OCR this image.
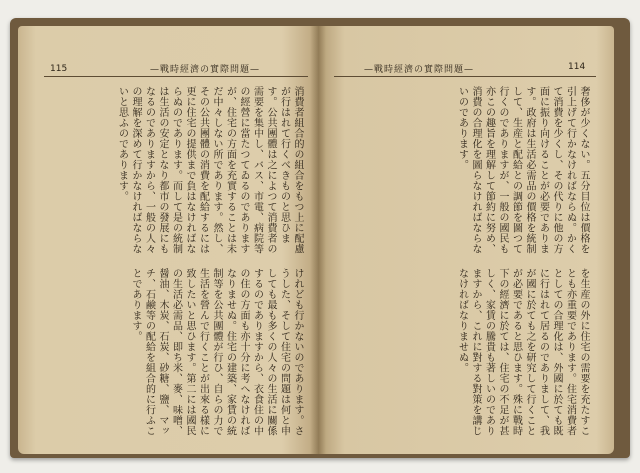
115	—戰時經濟の實際問題—
消費者組合的の組合をもつ上に配慮が行はれて行くべきものと思ひます。公共團體は之によつて消費者の需要を集中し、バス、市電、病院等の經營に當たつてゐるのでありますが、住宅の方面を充實することは未だ中々しない所であります。然し、その公共團體の消費を配給するには更に住宅の提供まで負はなければならぬのであります。而して是の統制は生活の安定となり都市の發展にもなるのでありますから、一般の人々の理解を深めて行かなければならないと思ふのであります。
けれども行かないのであります。さうした、そして住宅の問題は何と申しても最も多くの人々の生活に關係するのでありますから、衣食住の中の住の方面も亦十分に考へなければなりませぬ。住宅の建築、家賃の統制等を公共團體が行ひ、自らの力で生活を營んで行くことが出來る樣に致したいと思ひます。第二には國民の生活必需品、即ち米、麥、味噌、醤油、木炭、石炭、砂糖、鹽、マッチ、石鹸等の配給を組合的に行ふことであります。
114
—戰時經濟の實際問題—
奢侈が少くない。五分目位は價格を引上げて行かなければならぬ。かくて消費を少くし、その代りに他の方面に振り向けることが必要であります。政府は生活必需品の價格を統制して、生産と配給との調節を圖つて行くのでありますが、一般の國民も亦この趣旨を理解して節約に努め、消費の合理化を圖らなければならないのであります。
を生産の外に住宅の需要を充たすことも亦重要であります。住宅消費者としての合理化は、外國に於ても既に行はれて居るのでありまして、我が國に於ても之を研究して行くことが必要であると思ひます。殊に戰時下の經濟に於ては、住宅の不足が甚しく、家賃の騰貴も著しいのでありますから、これに對する對策を講じなければなりませぬ。
